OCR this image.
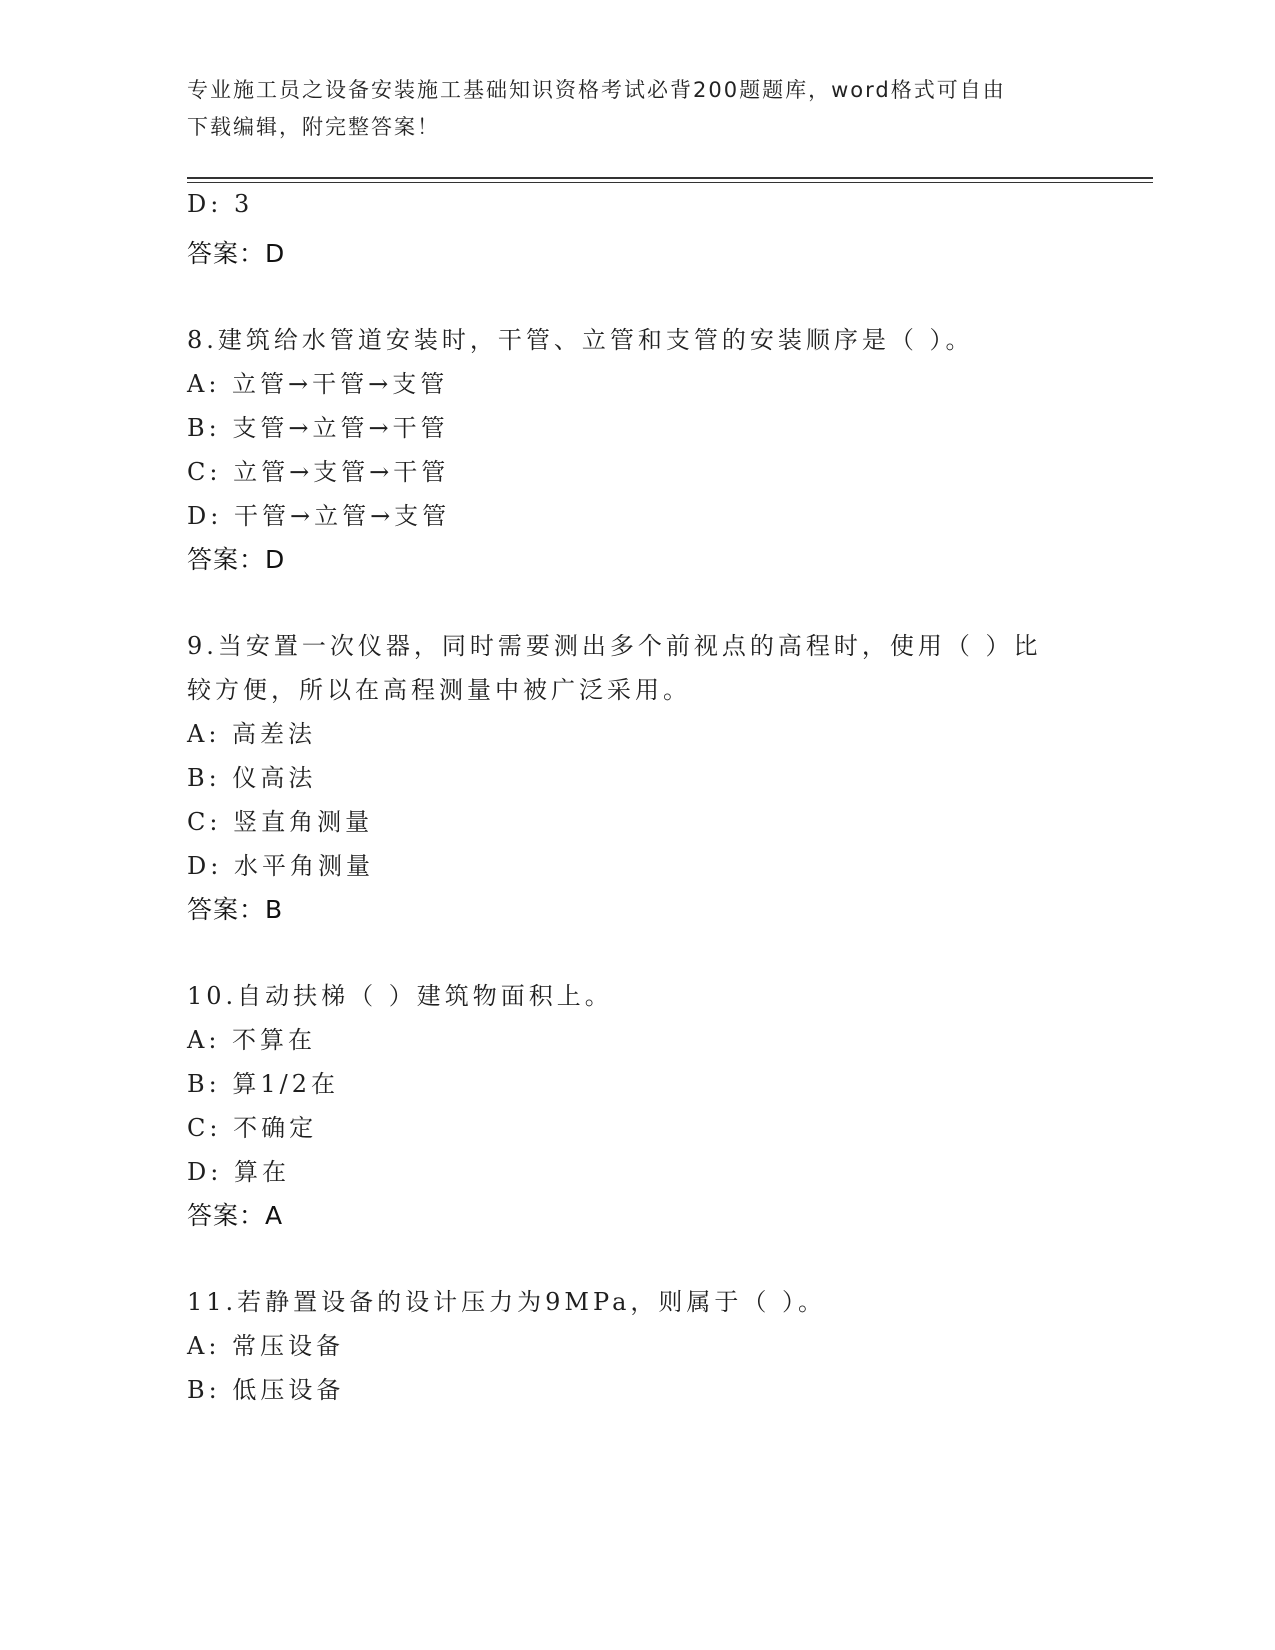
专业施工员之设备安装施工基础知识资格考试必背200题题库，word格式可自由
下载编辑，附完整答案！
D: 3
答案：D
8.建筑给水管道安装时，干管、立管和支管的安装顺序是（ ）。
A: 立管→干管→支管
B: 支管→立管→干管
C: 立管→支管→干管
D: 干管→立管→支管
答案：D
9.当安置一次仪器，同时需要测出多个前视点的高程时，使用（ ）比
较方便，所以在高程测量中被广泛采用。
A: 高差法
B: 仪高法
C: 竖直角测量
D: 水平角测量
答案：B
10.自动扶梯（ ）建筑物面积上。
A: 不算在
B: 算1/2在
C: 不确定
D: 算在
答案：A
11.若静置设备的设计压力为9MPa，则属于（ ）。
A: 常压设备
B: 低压设备
